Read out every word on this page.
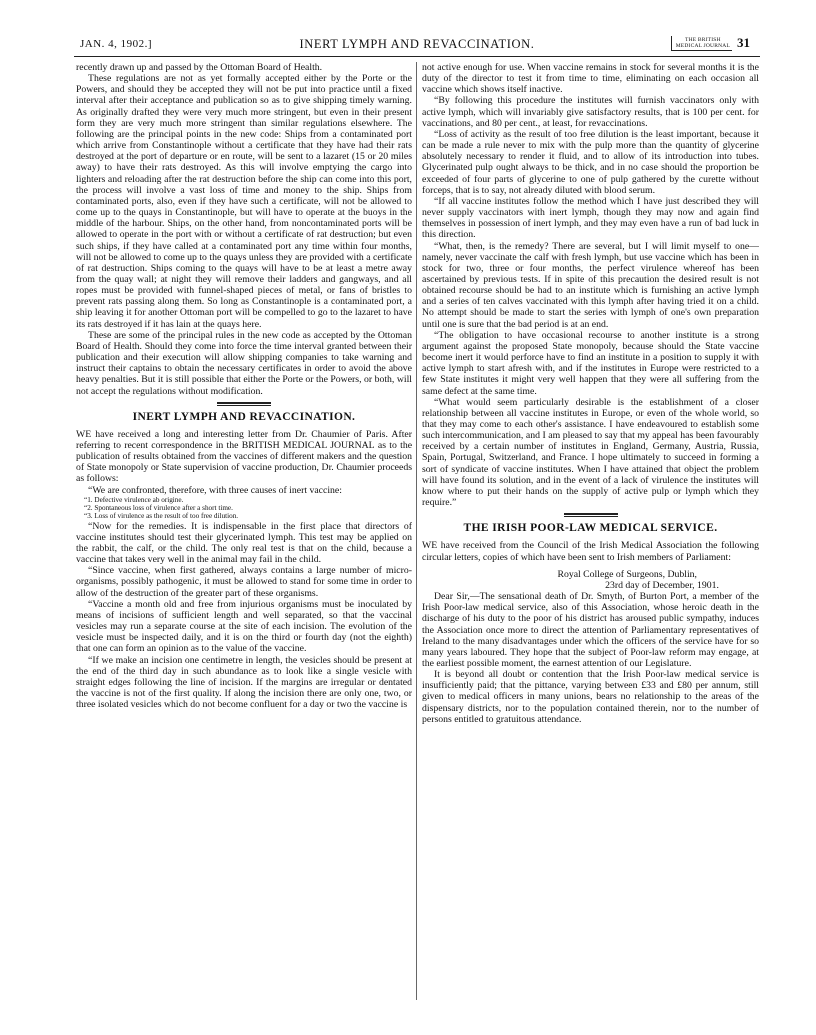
JAN. 4, 1902.]	INERT LYMPH AND REVACCINATION.	THE BRITISH
MEDICAL JOURNAL 31

recently drawn up and passed by the Ottoman Board of Health.

These regulations are not as yet formally accepted either by the Porte or the Powers, and should they be accepted they will not be put into practice until a fixed interval after their acceptance and publication so as to give shipping timely warning. As originally drafted they were very much more stringent, but even in their present form they are very much more stringent than similar regulations elsewhere. The following are the principal points in the new code: Ships from a contaminated port which arrive from Constantinople without a certificate that they have had their rats destroyed at the port of departure or en route, will be sent to a lazaret (15 or 20 miles away) to have their rats destroyed. As this will involve emptying the cargo into lighters and reloading after the rat destruction before the ship can come into this port, the process will involve a vast loss of time and money to the ship. Ships from contaminated ports, also, even if they have such a certificate, will not be allowed to come up to the quays in Constantinople, but will have to operate at the buoys in the middle of the harbour. Ships, on the other hand, from noncontaminated ports will be allowed to operate in the port with or without a certificate of rat destruction; but even such ships, if they have called at a contaminated port any time within four months, will not be allowed to come up to the quays unless they are provided with a certificate of rat destruction. Ships coming to the quays will have to be at least a metre away from the quay wall; at night they will remove their ladders and gangways, and all ropes must be provided with funnel-shaped pieces of metal, or fans of bristles to prevent rats passing along them. So long as Constantinople is a contaminated port, a ship leaving it for another Ottoman port will be compelled to go to the lazaret to have its rats destroyed if it has lain at the quays here.

These are some of the principal rules in the new code as accepted by the Ottoman Board of Health. Should they come into force the time interval granted between their publication and their execution will allow shipping companies to take warning and instruct their captains to obtain the necessary certificates in order to avoid the above heavy penalties. But it is still possible that either the Porte or the Powers, or both, will not accept the regulations without modification.

INERT LYMPH AND REVACCINATION.

WE have received a long and interesting letter from Dr. Chaumier of Paris. After referring to recent correspondence in the BRITISH MEDICAL JOURNAL as to the publication of results obtained from the vaccines of different makers and the question of State monopoly or State supervision of vaccine production, Dr. Chaumier proceeds as follows:

“We are confronted, therefore, with three causes of inert vaccine:

“1. Defective virulence ab origine.

“2. Spontaneous loss of virulence after a short time.

“3. Loss of virulence as the result of too free dilution.

“Now for the remedies. It is indispensable in the first place that directors of vaccine institutes should test their glycerinated lymph. This test may be applied on the rabbit, the calf, or the child. The only real test is that on the child, because a vaccine that takes very well in the animal may fail in the child.

“Since vaccine, when first gathered, always contains a large number of micro-organisms, possibly pathogenic, it must be allowed to stand for some time in order to allow of the destruction of the greater part of these organisms.

“Vaccine a month old and free from injurious organisms must be inoculated by means of incisions of sufficient length and well separated, so that the vaccinal vesicles may run a separate course at the site of each incision. The evolution of the vesicle must be inspected daily, and it is on the third or fourth day (not the eighth) that one can form an opinion as to the value of the vaccine.

“If we make an incision one centimetre in length, the vesicles should be present at the end of the third day in such abundance as to look like a single vesicle with straight edges following the line of incision. If the margins are irregular or dentated the vaccine is not of the first quality. If along the incision there are only one, two, or three isolated vesicles which do not become confluent for a day or two the vaccine is

not active enough for use. When vaccine remains in stock for several months it is the duty of the director to test it from time to time, eliminating on each occasion all vaccine which shows itself inactive.

“By following this procedure the institutes will furnish vaccinators only with active lymph, which will invariably give satisfactory results, that is 100 per cent. for vaccinations, and 80 per cent., at least, for revaccinations.

“Loss of activity as the result of too free dilution is the least important, because it can be made a rule never to mix with the pulp more than the quantity of glycerine absolutely necessary to render it fluid, and to allow of its introduction into tubes. Glycerinated pulp ought always to be thick, and in no case should the proportion be exceeded of four parts of glycerine to one of pulp gathered by the curette without forceps, that is to say, not already diluted with blood serum.

“If all vaccine institutes follow the method which I have just described they will never supply vaccinators with inert lymph, though they may now and again find themselves in possession of inert lymph, and they may even have a run of bad luck in this direction.

“What, then, is the remedy? There are several, but I will limit myself to one—namely, never vaccinate the calf with fresh lymph, but use vaccine which has been in stock for two, three or four months, the perfect virulence whereof has been ascertained by previous tests. If in spite of this precaution the desired result is not obtained recourse should be had to an institute which is furnishing an active lymph and a series of ten calves vaccinated with this lymph after having tried it on a child. No attempt should be made to start the series with lymph of one's own preparation until one is sure that the bad period is at an end.

“The obligation to have occasional recourse to another institute is a strong argument against the proposed State monopoly, because should the State vaccine become inert it would perforce have to find an institute in a position to supply it with active lymph to start afresh with, and if the institutes in Europe were restricted to a few State institutes it might very well happen that they were all suffering from the same defect at the same time.

“What would seem particularly desirable is the establishment of a closer relationship between all vaccine institutes in Europe, or even of the whole world, so that they may come to each other's assistance. I have endeavoured to establish some such intercommunication, and I am pleased to say that my appeal has been favourably received by a certain number of institutes in England, Germany, Austria, Russia, Spain, Portugal, Switzerland, and France. I hope ultimately to succeed in forming a sort of syndicate of vaccine institutes. When I have attained that object the problem will have found its solution, and in the event of a lack of virulence the institutes will know where to put their hands on the supply of active pulp or lymph which they require.”

THE IRISH POOR-LAW MEDICAL SERVICE.

WE have received from the Council of the Irish Medical Association the following circular letters, copies of which have been sent to Irish members of Parliament:

Royal College of Surgeons, Dublin,

23rd day of December, 1901.

Dear Sir,—The sensational death of Dr. Smyth, of Burton Port, a member of the Irish Poor-law medical service, also of this Association, whose heroic death in the discharge of his duty to the poor of his district has aroused public sympathy, induces the Association once more to direct the attention of Parliamentary representatives of Ireland to the many disadvantages under which the officers of the service have for so many years laboured. They hope that the subject of Poor-law reform may engage, at the earliest possible moment, the earnest attention of our Legislature.

It is beyond all doubt or contention that the Irish Poor-law medical service is insufficiently paid; that the pittance, varying between £33 and £80 per annum, still given to medical officers in many unions, bears no relationship to the areas of the dispensary districts, nor to the population contained therein, nor to the number of persons entitled to gratuitous attendance.
